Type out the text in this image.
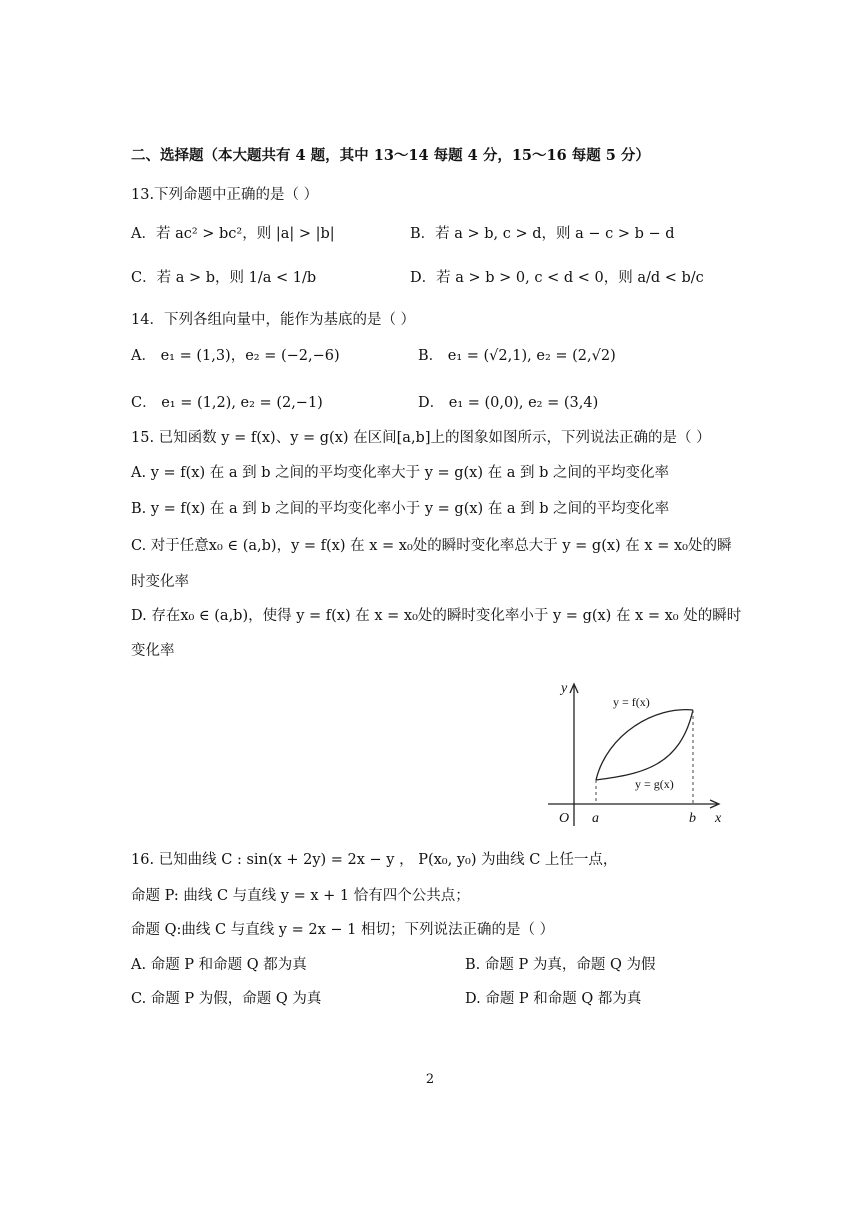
二、选择题（本大题共有 4 题，其中 13～14 每题 4 分，15～16 每题 5 分）
13.下列命题中正确的是（ ）
A．若 ac² > bc²，则 |a| > |b|	B．若 a > b, c > d，则 a − c > b − d
C．若 a > b，则 1/a < 1/b	D．若 a > b > 0, c < d < 0，则 a/d < b/c
14．下列各组向量中，能作为基底的是（ ）
A． e₁ = (1,3)，e₂ = (−2,−6)	B． e₁ = (√2,1), e₂ = (2,√2)
C． e₁ = (1,2), e₂ = (2,−1)	D． e₁ = (0,0), e₂ = (3,4)
15. 已知函数 y = f(x)、y = g(x) 在区间[a,b]上的图象如图所示，下列说法正确的是（ ）
A. y = f(x) 在 a 到 b 之间的平均变化率大于 y = g(x) 在 a 到 b 之间的平均变化率
B. y = f(x) 在 a 到 b 之间的平均变化率小于 y = g(x) 在 a 到 b 之间的平均变化率
C. 对于任意x₀ ∈ (a,b)，y = f(x) 在 x = x₀处的瞬时变化率总大于 y = g(x) 在 x = x₀处的瞬
时变化率
D. 存在x₀ ∈ (a,b)，使得 y = f(x) 在 x = x₀处的瞬时变化率小于 y = g(x) 在 x = x₀ 处的瞬时
变化率
y
x
O a	b
y = f(x)
y = g(x)
16. 已知曲线 C : sin(x + 2y) = 2x − y ， P(x₀, y₀) 为曲线 C 上任一点，
命题 P: 曲线 C 与直线 y = x + 1 恰有四个公共点；
命题 Q:曲线 C 与直线 y = 2x − 1 相切；下列说法正确的是（ ）
A. 命题 P 和命题 Q 都为真	B. 命题 P 为真，命题 Q 为假
C. 命题 P 为假，命题 Q 为真	D. 命题 P 和命题 Q 都为真
2
